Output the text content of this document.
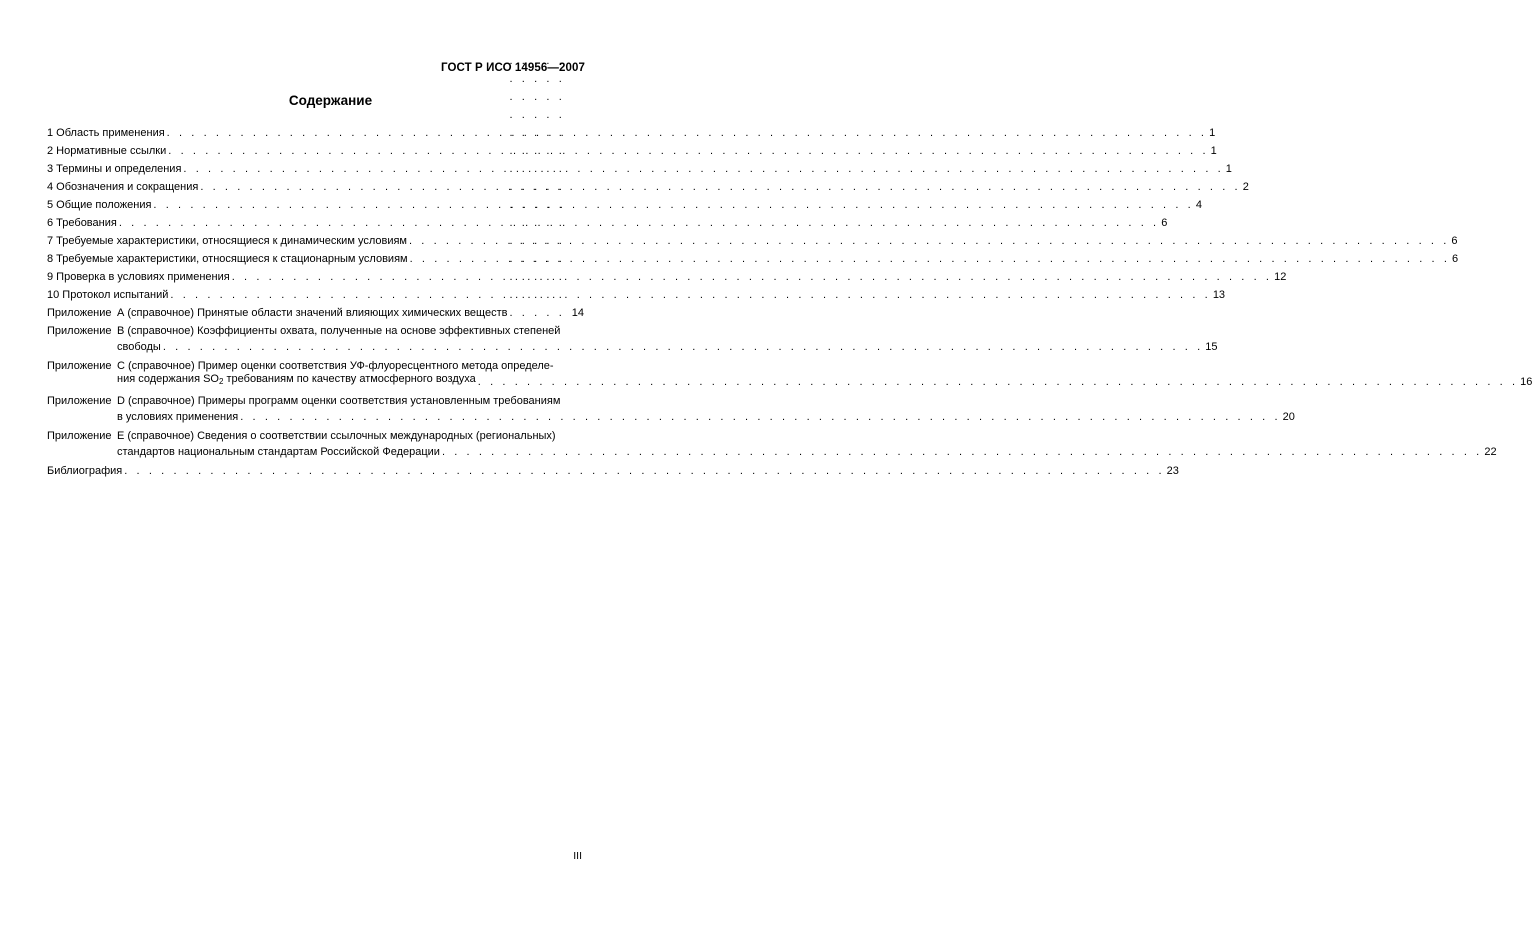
ГОСТ Р ИСО 14956—2007
Содержание
1 Область применения . . .	1
2 Нормативные ссылки . . .	1
3 Термины и определения . . .	1
4 Обозначения и сокращения . . .	2
5 Общие положения . . .	4
6 Требования . . .	6
7 Требуемые характеристики, относящиеся к динамическим условиям . . .	6
8 Требуемые характеристики, относящиеся к стационарным условиям . . .	6
9 Проверка в условиях применения . . .	12
10 Протокол испытаний . . .	13
Приложение А (справочное) Принятые области значений влияющих химических веществ . . .	14
Приложение В (справочное) Коэффициенты охвата, полученные на основе эффективных степеней
свободы . . .	15
Приложение С (справочное) Пример оценки соответствия УФ-флуоресцентного метода определе-
ния содержания $SO_2$ требованиям по качеству атмосферного воздуха . . .	16
Приложение D (справочное) Примеры программ оценки соответствия установленным требованиям
в условиях применения . . .	20
Приложение Е (справочное) Сведения о соответствии ссылочных международных (региональных)
стандартов национальным стандартам Российской Федерации . . .	22
Библиография . . .	23
III
